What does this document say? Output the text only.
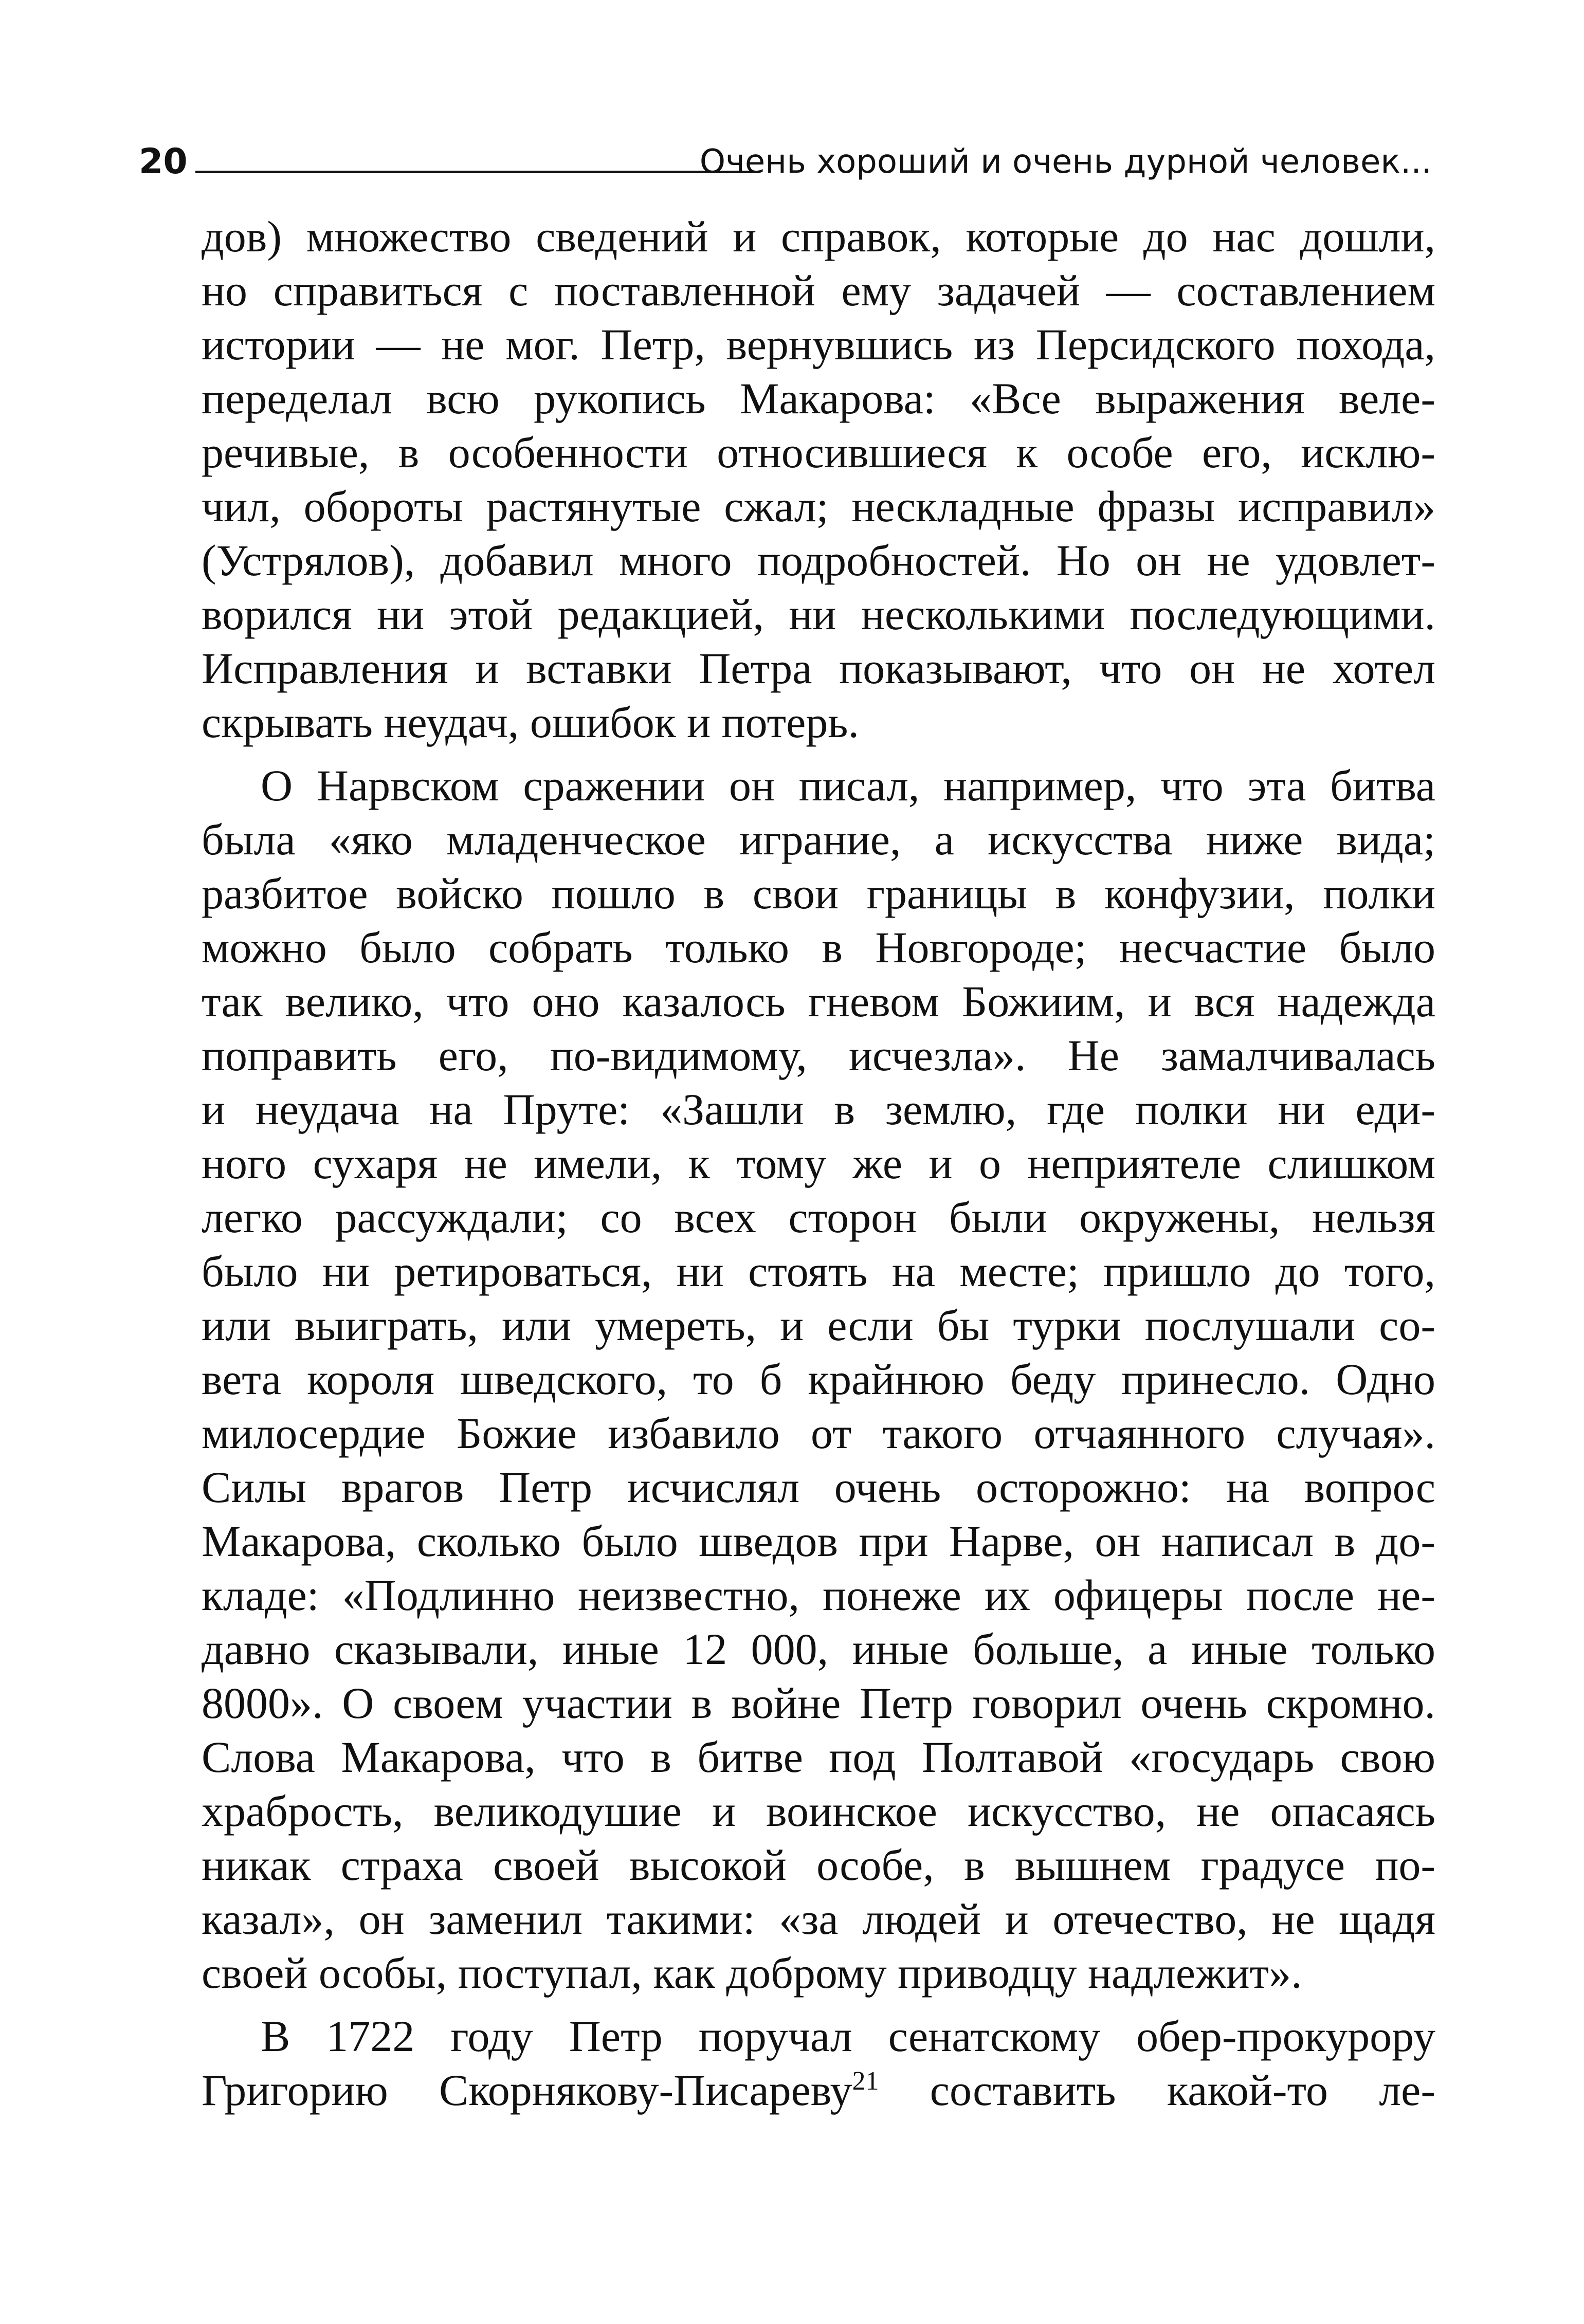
20	Очень хороший и очень дурной человек...
дов) множество сведений и справок, которые до нас дошли,
но справиться с поставленной ему задачей — составлением
истории — не мог. Петр, вернувшись из Персидского похода,
переделал всю рукопись Макарова: «Все выражения веле-
речивые, в особенности относившиеся к особе его, исклю-
чил, обороты растянутые сжал; нескладные фразы исправил»
(Устрялов), добавил много подробностей. Но он не удовлет-
ворился ни этой редакцией, ни несколькими последующими.
Исправления и вставки Петра показывают, что он не хотел
скрывать неудач, ошибок и потерь.
О Нарвском сражении он писал, например, что эта битва
была «яко младенческое играние, а искусства ниже вида;
разбитое войско пошло в свои границы в конфузии, полки
можно было собрать только в Новгороде; несчастие было
так велико, что оно казалось гневом Божиим, и вся надежда
поправить его, по-видимому, исчезла». Не замалчивалась
и неудача на Пруте: «Зашли в землю, где полки ни еди-
ного сухаря не имели, к тому же и о неприятеле слишком
легко рассуждали; со всех сторон были окружены, нельзя
было ни ретироваться, ни стоять на месте; пришло до того,
или выиграть, или умереть, и если бы турки послушали со-
вета короля шведского, то б крайнюю беду принесло. Одно
милосердие Божие избавило от такого отчаянного случая».
Силы врагов Петр исчислял очень осторожно: на вопрос
Макарова, сколько было шведов при Нарве, он написал в до-
кладе: «Подлинно неизвестно, понеже их офицеры после не-
давно сказывали, иные 12 000, иные больше, а иные только
8000». О своем участии в войне Петр говорил очень скромно.
Слова Макарова, что в битве под Полтавой «государь свою
храбрость, великодушие и воинское искусство, не опасаясь
никак страха своей высокой особе, в вышнем градусе по-
казал», он заменил такими: «за людей и отечество, не щадя
своей особы, поступал, как доброму приводцу надлежит».
В 1722 году Петр поручал сенатскому обер-прокурору
Григорию Скорнякову-Писареву$^{21}$ составить какой-то ле-
